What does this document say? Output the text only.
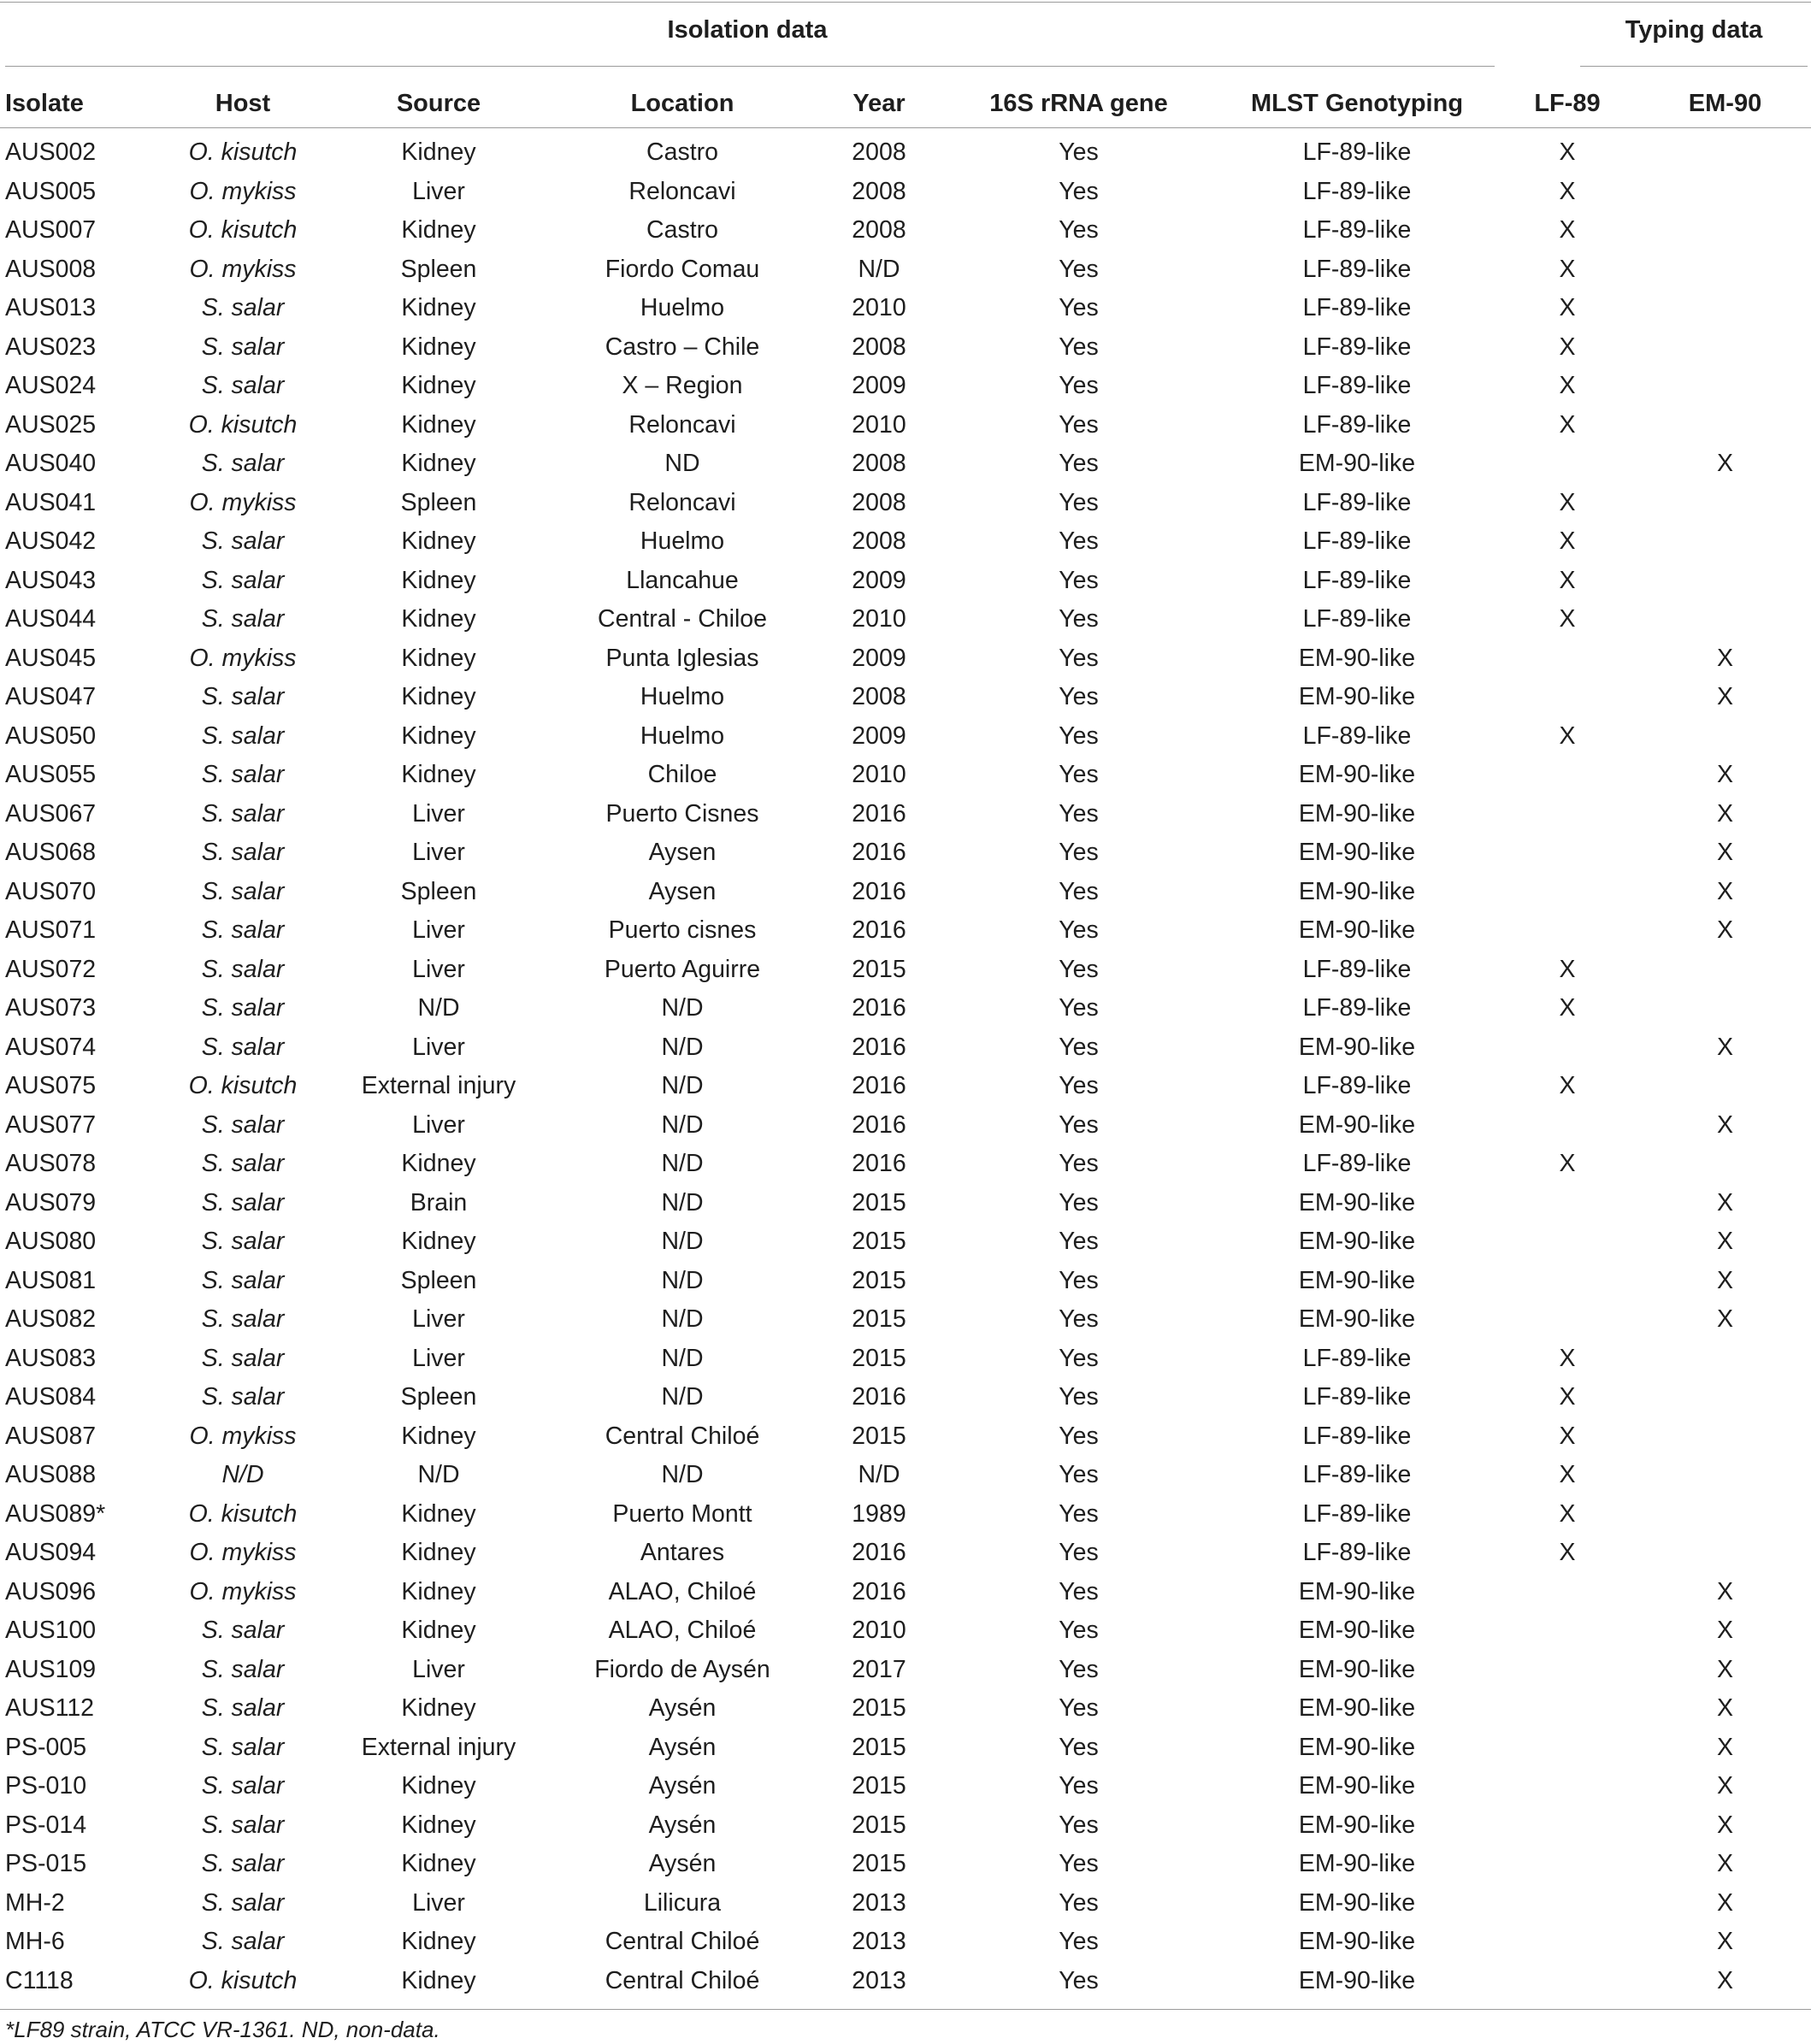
Isolation data	Typing data
Isolate	Host	Source	Location	Year	16S rRNA gene	MLST Genotyping	LF-89	EM-90
AUS002	O. kisutch	Kidney	Castro	2008	Yes	LF-89-like	X	
AUS005	O. mykiss	Liver	Reloncavi	2008	Yes	LF-89-like	X	
AUS007	O. kisutch	Kidney	Castro	2008	Yes	LF-89-like	X	
AUS008	O. mykiss	Spleen	Fiordo Comau	N/D	Yes	LF-89-like	X	
AUS013	S. salar	Kidney	Huelmo	2010	Yes	LF-89-like	X	
AUS023	S. salar	Kidney	Castro – Chile	2008	Yes	LF-89-like	X	
AUS024	S. salar	Kidney	X – Region	2009	Yes	LF-89-like	X	
AUS025	O. kisutch	Kidney	Reloncavi	2010	Yes	LF-89-like	X	
AUS040	S. salar	Kidney	ND	2008	Yes	EM-90-like		X
AUS041	O. mykiss	Spleen	Reloncavi	2008	Yes	LF-89-like	X	
AUS042	S. salar	Kidney	Huelmo	2008	Yes	LF-89-like	X	
AUS043	S. salar	Kidney	Llancahue	2009	Yes	LF-89-like	X	
AUS044	S. salar	Kidney	Central - Chiloe	2010	Yes	LF-89-like	X	
AUS045	O. mykiss	Kidney	Punta Iglesias	2009	Yes	EM-90-like		X
AUS047	S. salar	Kidney	Huelmo	2008	Yes	EM-90-like		X
AUS050	S. salar	Kidney	Huelmo	2009	Yes	LF-89-like	X	
AUS055	S. salar	Kidney	Chiloe	2010	Yes	EM-90-like		X
AUS067	S. salar	Liver	Puerto Cisnes	2016	Yes	EM-90-like		X
AUS068	S. salar	Liver	Aysen	2016	Yes	EM-90-like		X
AUS070	S. salar	Spleen	Aysen	2016	Yes	EM-90-like		X
AUS071	S. salar	Liver	Puerto cisnes	2016	Yes	EM-90-like		X
AUS072	S. salar	Liver	Puerto Aguirre	2015	Yes	LF-89-like	X	
AUS073	S. salar	N/D	N/D	2016	Yes	LF-89-like	X	
AUS074	S. salar	Liver	N/D	2016	Yes	EM-90-like		X
AUS075	O. kisutch	External injury	N/D	2016	Yes	LF-89-like	X	
AUS077	S. salar	Liver	N/D	2016	Yes	EM-90-like		X
AUS078	S. salar	Kidney	N/D	2016	Yes	LF-89-like	X	
AUS079	S. salar	Brain	N/D	2015	Yes	EM-90-like		X
AUS080	S. salar	Kidney	N/D	2015	Yes	EM-90-like		X
AUS081	S. salar	Spleen	N/D	2015	Yes	EM-90-like		X
AUS082	S. salar	Liver	N/D	2015	Yes	EM-90-like		X
AUS083	S. salar	Liver	N/D	2015	Yes	LF-89-like	X	
AUS084	S. salar	Spleen	N/D	2016	Yes	LF-89-like	X	
AUS087	O. mykiss	Kidney	Central Chiloé	2015	Yes	LF-89-like	X	
AUS088	N/D	N/D	N/D	N/D	Yes	LF-89-like	X	
AUS089*	O. kisutch	Kidney	Puerto Montt	1989	Yes	LF-89-like	X	
AUS094	O. mykiss	Kidney	Antares	2016	Yes	LF-89-like	X	
AUS096	O. mykiss	Kidney	ALAO, Chiloé	2016	Yes	EM-90-like		X
AUS100	S. salar	Kidney	ALAO, Chiloé	2010	Yes	EM-90-like		X
AUS109	S. salar	Liver	Fiordo de Aysén	2017	Yes	EM-90-like		X
AUS112	S. salar	Kidney	Aysén	2015	Yes	EM-90-like		X
PS-005	S. salar	External injury	Aysén	2015	Yes	EM-90-like		X
PS-010	S. salar	Kidney	Aysén	2015	Yes	EM-90-like		X
PS-014	S. salar	Kidney	Aysén	2015	Yes	EM-90-like		X
PS-015	S. salar	Kidney	Aysén	2015	Yes	EM-90-like		X
MH-2	S. salar	Liver	Lilicura	2013	Yes	EM-90-like		X
MH-6	S. salar	Kidney	Central Chiloé	2013	Yes	EM-90-like		X
C1118	O. kisutch	Kidney	Central Chiloé	2013	Yes	EM-90-like		X
*LF89 strain, ATCC VR-1361. ND, non-data.
